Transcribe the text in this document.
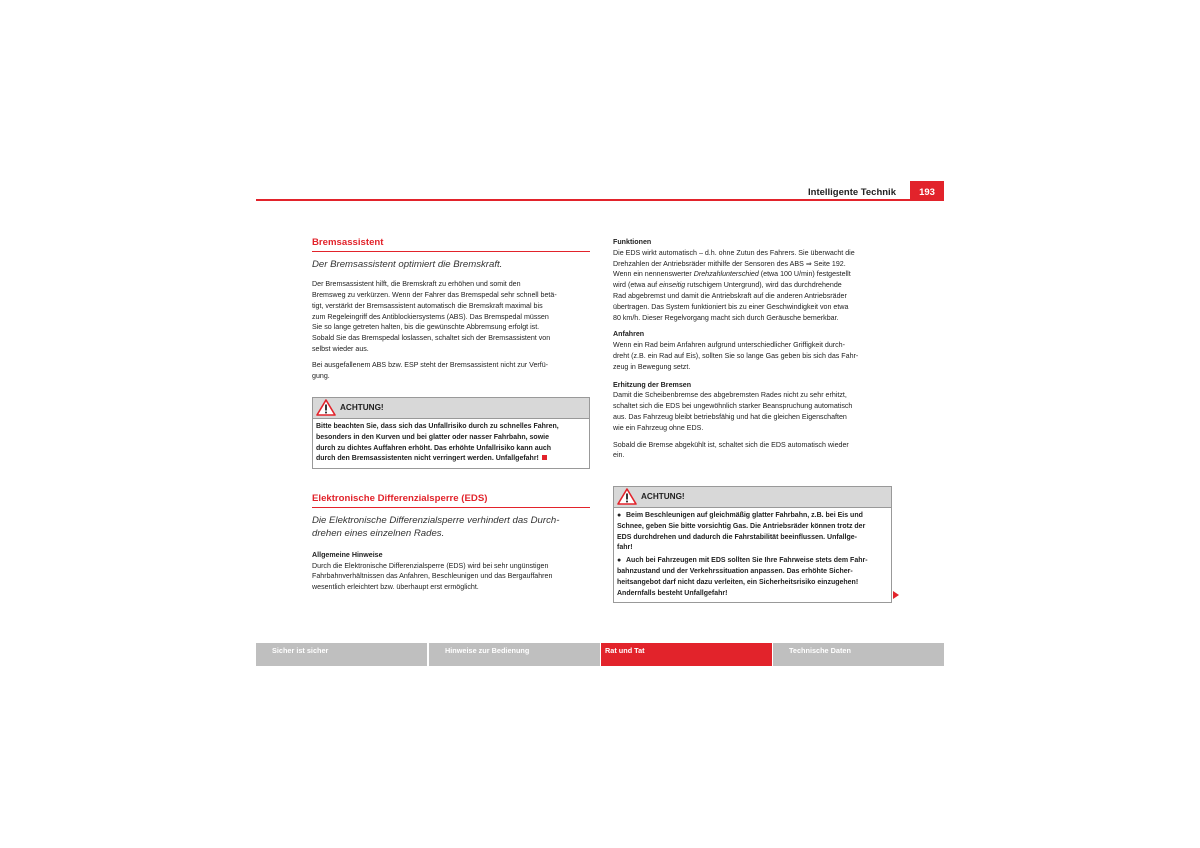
Intelligente Technik	193
Bremsassistent
Der Bremsassistent optimiert die Bremskraft.

Der Bremsassistent hilft, die Bremskraft zu erhöhen und somit den

Bremsweg zu verkürzen. Wenn der Fahrer das Bremspedal sehr schnell betä-

tigt, verstärkt der Bremsassistent automatisch die Bremskraft maximal bis

zum Regeleingriff des Antiblockiersystems (ABS). Das Bremspedal müssen

Sie so lange getreten halten, bis die gewünschte Abbremsung erfolgt ist.

Sobald Sie das Bremspedal loslassen, schaltet sich der Bremsassistent von

selbst wieder aus.

Bei ausgefallenem ABS bzw. ESP steht der Bremsassistent nicht zur Verfü-

gung.

ACHTUNG!

Bitte beachten Sie, dass sich das Unfallrisiko durch zu schnelles Fahren,

besonders in den Kurven und bei glatter oder nasser Fahrbahn, sowie

durch zu dichtes Auffahren erhöht. Das erhöhte Unfallrisiko kann auch

durch den Bremsassistenten nicht verringert werden. Unfallgefahr!

Elektronische Differenzialsperre (EDS)

Die Elektronische Differenzialsperre verhindert das Durch-

drehen eines einzelnen Rades.

Allgemeine Hinweise

Durch die Elektronische Differenzialsperre (EDS) wird bei sehr ungünstigen

Fahrbahnverhältnissen das Anfahren, Beschleunigen und das Bergauffahren

wesentlich erleichtert bzw. überhaupt erst ermöglicht.

Funktionen

Die EDS wirkt automatisch – d.h. ohne Zutun des Fahrers. Sie überwacht die

Drehzahlen der Antriebsräder mithilfe der Sensoren des ABS ⇒ Seite 192.

Wenn ein nennenswerter Drehzahlunterschied (etwa 100 U/min) festgestellt

wird (etwa auf einseitig rutschigem Untergrund), wird das durchdrehende

Rad abgebremst und damit die Antriebskraft auf die anderen Antriebsräder

übertragen. Das System funktioniert bis zu einer Geschwindigkeit von etwa

80 km/h. Dieser Regelvorgang macht sich durch Geräusche bemerkbar.

Anfahren

Wenn ein Rad beim Anfahren aufgrund unterschiedlicher Griffigkeit durch-

dreht (z.B. ein Rad auf Eis), sollten Sie so lange Gas geben bis sich das Fahr-

zeug in Bewegung setzt.

Erhitzung der Bremsen

Damit die Scheibenbremse des abgebremsten Rades nicht zu sehr erhitzt,

schaltet sich die EDS bei ungewöhnlich starker Beanspruchung automatisch

aus. Das Fahrzeug bleibt betriebsfähig und hat die gleichen Eigenschaften

wie ein Fahrzeug ohne EDS.

Sobald die Bremse abgekühlt ist, schaltet sich die EDS automatisch wieder

ein.

ACHTUNG!

● Beim Beschleunigen auf gleichmäßig glatter Fahrbahn, z.B. bei Eis und

Schnee, geben Sie bitte vorsichtig Gas. Die Antriebsräder können trotz der

EDS durchdrehen und dadurch die Fahrstabilität beeinflussen. Unfallge-

fahr!

● Auch bei Fahrzeugen mit EDS sollten Sie Ihre Fahrweise stets dem Fahr-

bahnzustand und der Verkehrssituation anpassen. Das erhöhte Sicher-

heitsangebot darf nicht dazu verleiten, ein Sicherheitsrisiko einzugehen!

Andernfalls besteht Unfallgefahr!

Sicher ist sicher	Hinweise zur Bedienung	Rat und Tat	Technische Daten
